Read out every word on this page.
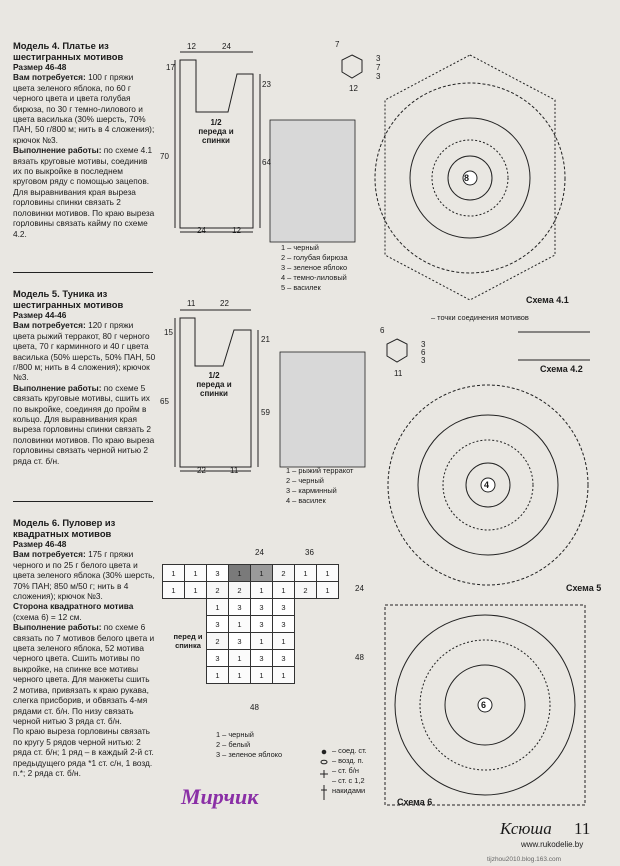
Модель 4. Платье из шестигранных мотивов

Размер 46-48

Вам потребуется: 100 г пряжи цвета зеленого яблока, по 60 г черного цвета и цвета голубая бирюза, по 30 г темно-лилового и цвета василька (30% шерсть, 70% ПАН, 50 г/800 м; нить в 4 сложения); крючок №3.

Выполнение работы: по схеме 4.1 вязать круговые мотивы, соединив их по выкройке в последнем круговом ряду с помощью зацепов. Для выравнивания края выреза горловины спинки связать 2 половинки мотивов. По краю выреза горловины связать кайму по схеме 4.2.

Модель 5. Туника из шестигранных мотивов

Размер 44-46

Вам потребуется: 120 г пряжи цвета рыжий терракот, 80 г черного цвета, 70 г карминного и 40 г цвета василька (50% шерсть, 50% ПАН, 50 г/800 м; нить в 4 сложения); крючок №3.

Выполнение работы: по схеме 5 связать круговые мотивы, сшить их по выкройке, соединяя до пройм в кольцо. Для выравнивания края выреза горловины спинки связать 2 половинки мотивов. По краю выреза горловины связать черной нитью 2 ряда ст. б/н.

Модель 6. Пуловер из квадратных мотивов

Размер 46-48

Вам потребуется: 175 г пряжи черного и по 25 г белого цвета и цвета зеленого яблока (30% шерсть, 70% ПАН; 850 м/50 г; нить в 4 сложения); крючок №3.

Сторона квадратного мотива (схема 6) = 12 см.

Выполнение работы: по схеме 6 связать по 7 мотивов белого цвета и цвета зеленого яблока, 52 мотива черного цвета. Сшить мотивы по выкройке, на спинке все мотивы черного цвета. Для манжеты сшить 2 мотива, привязать к краю рукава, слегка присборив, и обвязать 4-мя рядами ст. б/н. По низу связать черной нитью 3 ряда ст. б/н.

По краю выреза горловины связать по кругу 5 рядов черной нитью: 2 ряда ст. б/н; 1 ряд – в каждый 2-й ст. предыдущего ряда *1 ст. с/н, 1 возд. п.*; 2 ряда ст. б/н.

12	24
17
23
70
64
24	12
1/2 переда и спинки
7
3
7
3
12
1 – черный
2 – голубая бирюза
3 – зеленое яблоко
4 – темно-лиловый
5 – василек
11	22
15
21
65
59
22	11
1/2 переда и спинки
6
3
6
3
11
1 – рыжий терракот
2 – черный
3 – карминный
4 – василек
24	36
24
48
48
перед и спинка
1	1	3	1	1	2	1	1
1	1	2	2	1	1	2	1
		1	3	3	3		
		3	1	3	3		
		2	3	1	1		
		3	1	3	3		
		1	1	1	1		
1 – черный
2 – белый
3 – зеленое яблоко	– соед. ст.
– возд. п.
– ст. б/н
– ст. с 1,2 накидами
8
4
6
Схема 4.1
– точки соединения мотивов
Схема 4.2
Схема 5
Схема 6
Мирчик
Ксюша 11
www.rukodelie.by
tijzhou2010.blog.163.com
